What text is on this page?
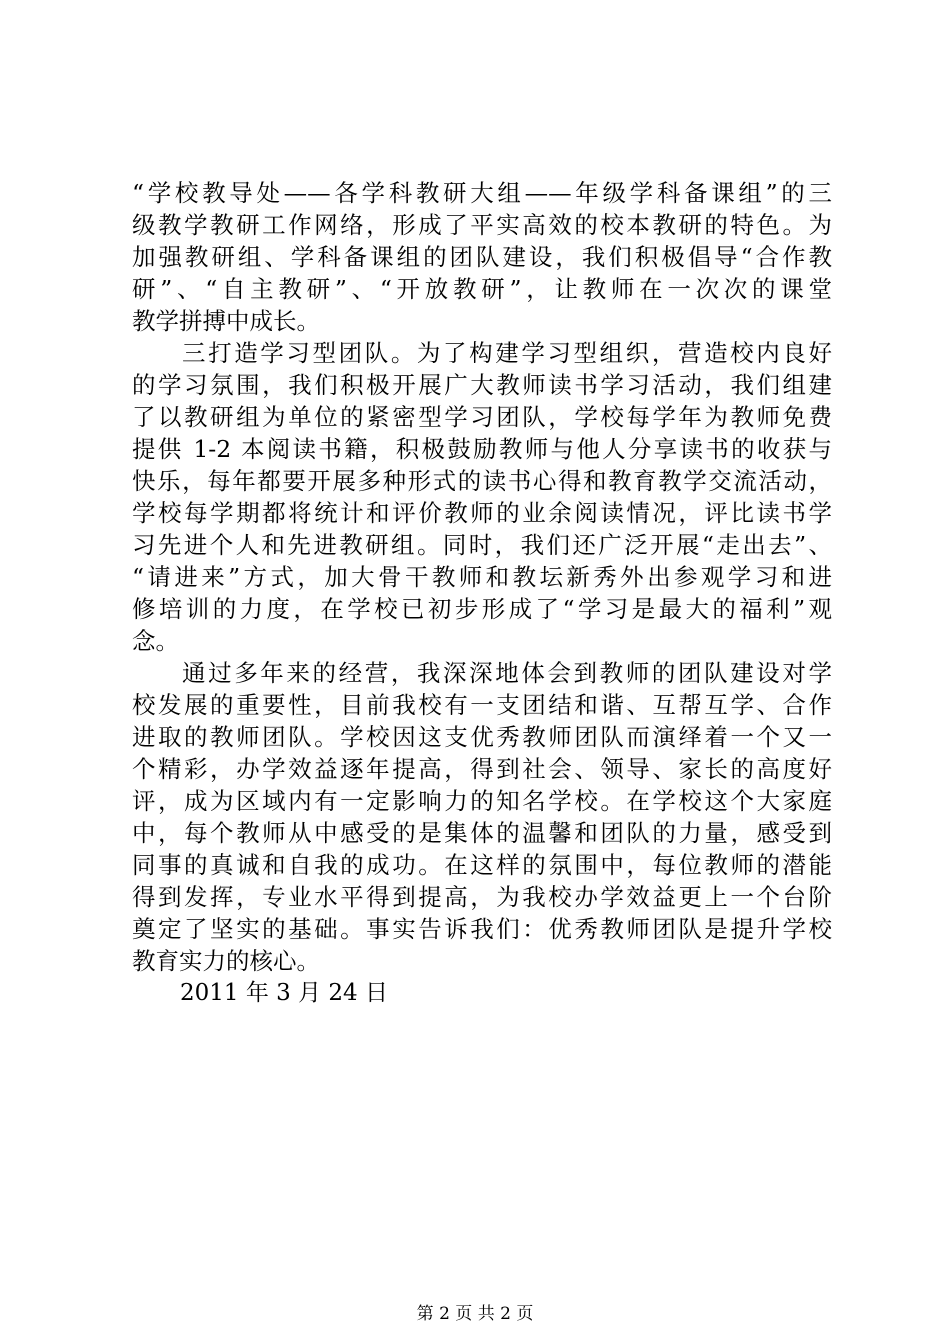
“学校教导处——各学科教研大组——年级学科备课组”的三
级教学教研工作网络，形成了平实高效的校本教研的特色。为
加强教研组、学科备课组的团队建设，我们积极倡导“合作教
研”、“自主教研”、“开放教研”，让教师在一次次的课堂
教学拼搏中成长。
三打造学习型团队。为了构建学习型组织，营造校内良好
的学习氛围，我们积极开展广大教师读书学习活动，我们组建
了以教研组为单位的紧密型学习团队，学校每学年为教师免费
提供 1-2 本阅读书籍，积极鼓励教师与他人分享读书的收获与
快乐，每年都要开展多种形式的读书心得和教育教学交流活动，
学校每学期都将统计和评价教师的业余阅读情况，评比读书学
习先进个人和先进教研组。同时，我们还广泛开展“走出去”、
“请进来”方式，加大骨干教师和教坛新秀外出参观学习和进
修培训的力度，在学校已初步形成了“学习是最大的福利”观
念。
通过多年来的经营，我深深地体会到教师的团队建设对学
校发展的重要性，目前我校有一支团结和谐、互帮互学、合作
进取的教师团队。学校因这支优秀教师团队而演绎着一个又一
个精彩，办学效益逐年提高，得到社会、领导、家长的高度好
评，成为区域内有一定影响力的知名学校。在学校这个大家庭
中，每个教师从中感受的是集体的温馨和团队的力量，感受到
同事的真诚和自我的成功。在这样的氛围中，每位教师的潜能
得到发挥，专业水平得到提高，为我校办学效益更上一个台阶
奠定了坚实的基础。事实告诉我们：优秀教师团队是提升学校
教育实力的核心。
2011 年 3 月 24 日
第 2 页 共 2 页
